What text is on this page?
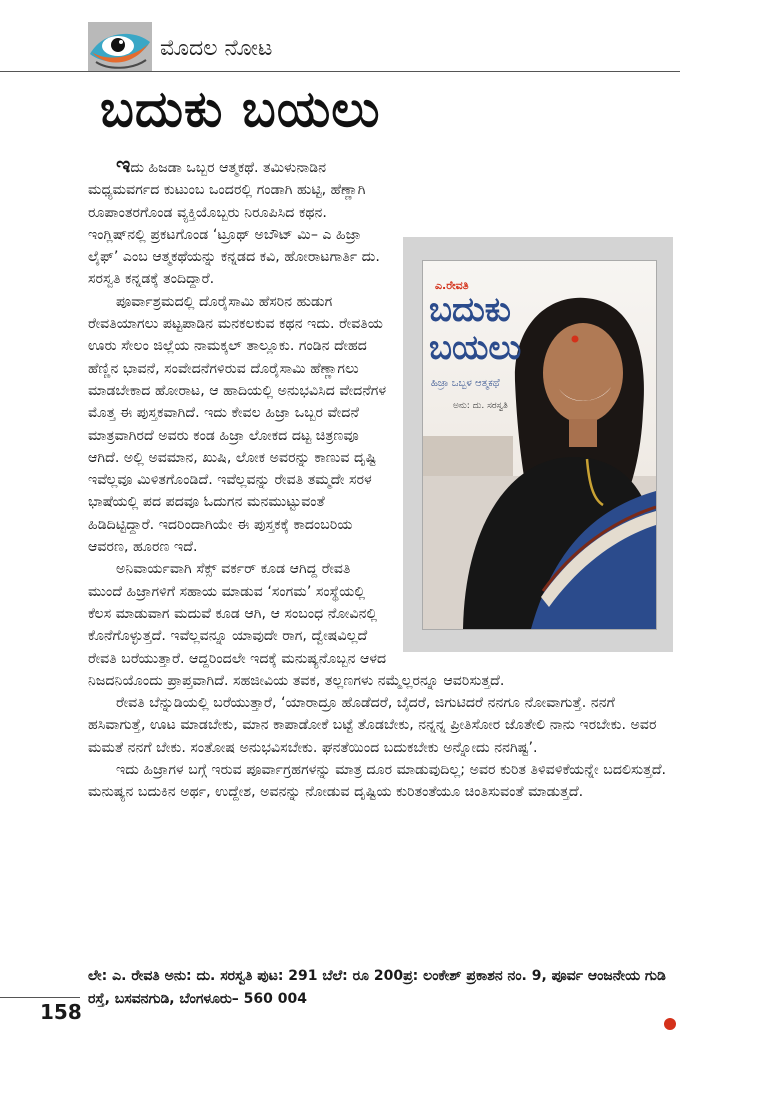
ಮೊದಲ ನೋಟ
ಬದುಕು ಬಯಲು
ಎ.ರೇವತಿ
ಬದುಕು
ಬಯಲು
ಹಿಜ್ರಾ ಒಬ್ಬಳ ಆತ್ಮಕಥೆ
ಅನು: ದು. ಸರಸ್ವತಿ

ಇದು ಹಿಜಡಾ ಒಬ್ಬರ ಆತ್ಮಕಥೆ. ತಮಿಳುನಾಡಿನ ಮಧ್ಯಮವರ್ಗದ ಕುಟುಂಬ ಒಂದರಲ್ಲಿ ಗಂಡಾಗಿ ಹುಟ್ಟಿ, ಹೆಣ್ಣಾಗಿ ರೂಪಾಂತರಗೊಂಡ ವ್ಯಕ್ತಿಯೊಬ್ಬರು ನಿರೂಪಿಸಿದ ಕಥನ. ಇಂಗ್ಲಿಷ್‌ನಲ್ಲಿ ಪ್ರಕಟಗೊಂಡ ‘ಟ್ರೂಥ್ ಅಬೌಟ್ ಮಿ– ಎ ಹಿಜ್ರಾ ಲೈಫ್’ ಎಂಬ ಆತ್ಮಕಥೆಯನ್ನು ಕನ್ನಡದ ಕವಿ, ಹೋರಾಟಗಾರ್ತಿ ದು. ಸರಸ್ವತಿ ಕನ್ನಡಕ್ಕೆ ತಂದಿದ್ದಾರೆ.

ಪೂರ್ವಾಶ್ರಮದಲ್ಲಿ ದೊರೈಸಾಮಿ ಹೆಸರಿನ ಹುಡುಗ ರೇವತಿಯಾಗಲು ಪಟ್ಟಪಾಡಿನ ಮನಕಲಕುವ ಕಥನ ಇದು. ರೇವತಿಯ ಊರು ಸೇಲಂ ಜಿಲ್ಲೆಯ ನಾಮಕ್ಕಲ್ ತಾಲ್ಲೂಕು. ಗಂಡಿನ ದೇಹದ ಹೆಣ್ಣಿನ ಭಾವನೆ, ಸಂವೇದನೆಗಳಿರುವ ದೊರೈಸಾಮಿ ಹೆಣ್ಣಾಗಲು ಮಾಡಬೇಕಾದ ಹೋರಾಟ, ಆ ಹಾದಿಯಲ್ಲಿ ಅನುಭವಿಸಿದ ವೇದನೆಗಳ ಮೊತ್ತ ಈ ಪುಸ್ತಕವಾಗಿದೆ. ಇದು ಕೇವಲ ಹಿಜ್ರಾ ಒಬ್ಬರ ವೇದನೆ ಮಾತ್ರವಾಗಿರದೆ ಅವರು ಕಂಡ ಹಿಜ್ರಾ ಲೋಕದ ದಟ್ಟ ಚಿತ್ರಣವೂ ಆಗಿದೆ. ಅಲ್ಲಿ ಅವಮಾನ, ಖುಷಿ, ಲೋಕ ಅವರನ್ನು ಕಾಣುವ ದೃಷ್ಟಿ ಇವೆಲ್ಲವೂ ಮಿಳಿತಗೊಂಡಿದೆ. ಇವೆಲ್ಲವನ್ನು ರೇವತಿ ತಮ್ಮದೇ ಸರಳ ಭಾಷೆಯಲ್ಲಿ ಪದ ಪದವೂ ಓದುಗನ ಮನಮುಟ್ಟುವಂತೆ ಹಿಡಿದಿಟ್ಟಿದ್ದಾರೆ. ಇದರಿಂದಾಗಿಯೇ ಈ ಪುಸ್ತಕಕ್ಕೆ ಕಾದಂಬರಿಯ ಆವರಣ, ಹೂರಣ ಇದೆ.

ಅನಿವಾರ್ಯವಾಗಿ ಸೆಕ್ಸ್ ವರ್ಕರ್ ಕೂಡ ಆಗಿದ್ದ ರೇವತಿ ಮುಂದೆ ಹಿಜ್ರಾಗಳಿಗೆ ಸಹಾಯ ಮಾಡುವ ‘ಸಂಗಮ’ ಸಂಸ್ಥೆಯಲ್ಲಿ ಕೆಲಸ ಮಾಡುವಾಗ ಮದುವೆ ಕೂಡ ಆಗಿ, ಆ ಸಂಬಂಧ ನೋವಿನಲ್ಲಿ ಕೊನೆಗೊಳ್ಳುತ್ತದೆ. ಇವೆಲ್ಲವನ್ನೂ ಯಾವುದೇ ರಾಗ, ದ್ವೇಷವಿಲ್ಲದೆ ರೇವತಿ ಬರೆಯುತ್ತಾರೆ. ಆದ್ದರಿಂದಲೇ ಇದಕ್ಕೆ ಮನುಷ್ಯನೊಬ್ಬನ ಆಳದ ನಿಜದನಿಯೊಂದು ಪ್ರಾಪ್ತವಾಗಿದೆ. ಸಹಜೀವಿಯ ತವಕ, ತಲ್ಲಣಗಳು ನಮ್ಮೆಲ್ಲರನ್ನೂ ಆವರಿಸುತ್ತದೆ.

ರೇವತಿ ಬೆನ್ನುಡಿಯಲ್ಲಿ ಬರೆಯುತ್ತಾರೆ, ‘ಯಾರಾದ್ರೂ ಹೊಡೆದರೆ, ಬೈದರೆ, ಜಿಗುಟಿದರೆ ನನಗೂ ನೋವಾಗುತ್ತೆ. ನನಗೆ ಹಸಿವಾಗುತ್ತೆ, ಊಟ ಮಾಡಬೇಕು, ಮಾನ ಕಾಪಾಡೋಕೆ ಬಟ್ಟೆ ತೊಡಬೇಕು, ನನ್ನನ್ನ ಪ್ರೀತಿಸೋರ ಜೊತೇಲಿ ನಾನು ಇರಬೇಕು. ಅವರ ಮಮತೆ ನನಗೆ ಬೇಕು. ಸಂತೋಷ ಅನುಭವಿಸಬೇಕು. ಘನತೆಯಿಂದ ಬದುಕಬೇಕು ಅನ್ನೋದು ನನಗಿಷ್ಟ’.

ಇದು ಹಿಜ್ರಾಗಳ ಬಗ್ಗೆ ಇರುವ ಪೂರ್ವಾಗ್ರಹಗಳನ್ನು ಮಾತ್ರ ದೂರ ಮಾಡುವುದಿಲ್ಲ; ಅವರ ಕುರಿತ ತಿಳಿವಳಿಕೆಯನ್ನೇ ಬದಲಿಸುತ್ತದೆ. ಮನುಷ್ಯನ ಬದುಕಿನ ಅರ್ಥ, ಉದ್ದೇಶ, ಅವನನ್ನು ನೋಡುವ ದೃಷ್ಟಿಯ ಕುರಿತಂತೆಯೂ ಚಿಂತಿಸುವಂತೆ ಮಾಡುತ್ತದೆ.

ಲೇ: ಎ. ರೇವತಿ ಅನು: ದು. ಸರಸ್ವತಿ ಪುಟ: 291 ಬೆಲೆ: ರೂ 200ಪ್ರ: ಲಂಕೇಶ್ ಪ್ರಕಾಶನ ನಂ. 9, ಪೂರ್ವ ಆಂಜನೇಯ ಗುಡಿ ರಸ್ತೆ, ಬಸವನಗುಡಿ, ಬೆಂಗಳೂರು– 560 004

158
